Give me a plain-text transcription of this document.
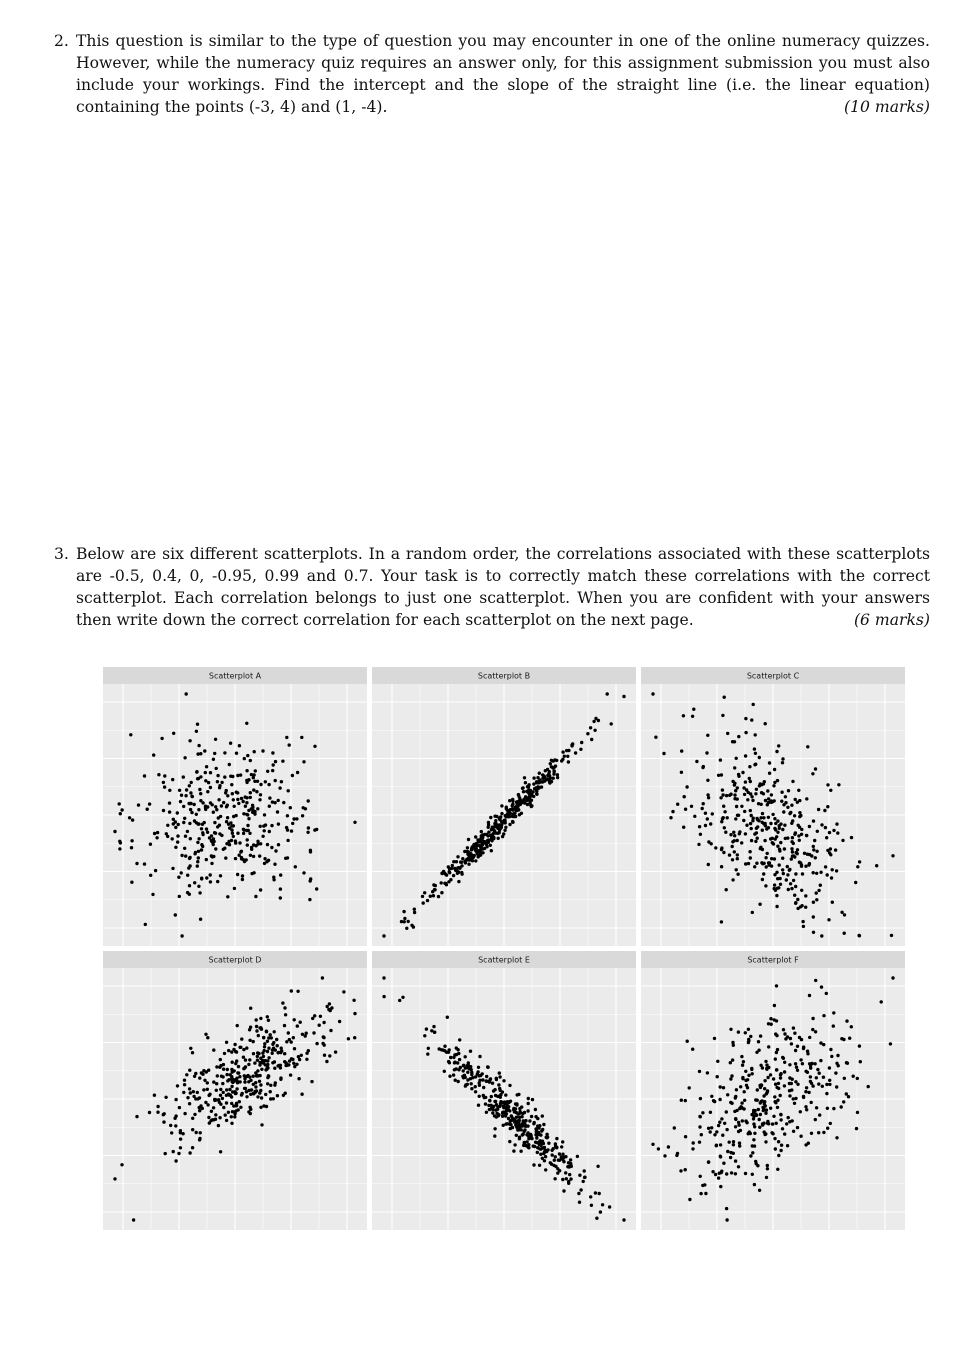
2. This question is similar to the type of question you may encounter in one of the online numeracy quizzes. However, while the numeracy quiz requires an answer only, for this assignment submission you must also include your workings. Find the intercept and the slope of the straight line (i.e. the linear equation) containing the points (-3, 4) and (1, -4).	(10 marks)
3. Below are six different scatterplots. In a random order, the correlations associated with these scatterplots are -0.5, 0.4, 0, -0.95, 0.99 and 0.7. Your task is to correctly match these correlations with the correct scatterplot. Each correlation belongs to just one scatterplot. When you are confident with your answers then write down the correct correlation for each scatterplot on the next page.	(6 marks)
Scatterplot A	Scatterplot B	Scatterplot C
Scatterplot D	Scatterplot E	Scatterplot F
